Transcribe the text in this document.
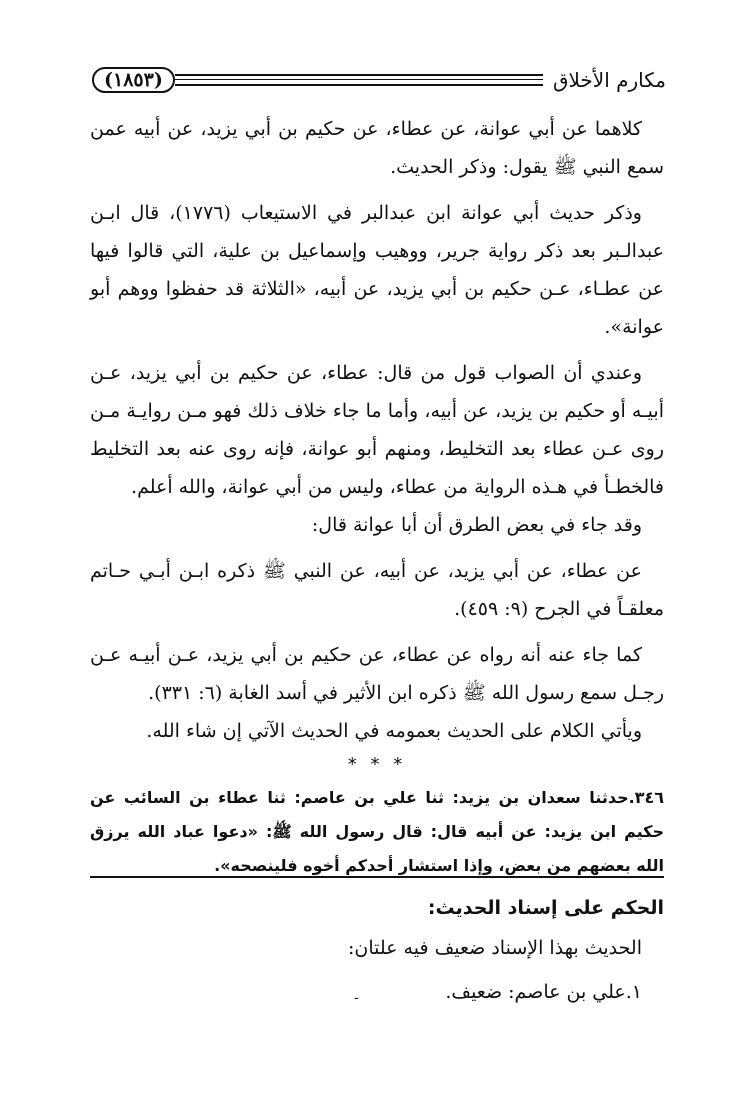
مكارم الأخلاق
(١٨٥٣)

كلاهما عن أبي عوانة، عن عطاء، عن حكيم بن أبي يزيد، عن أبيه عمن سمع النبي ﷺ يقول: وذكر الحديث.

وذكر حديث أبي عوانة ابن عبدالبر في الاستيعاب (١٧٧٦)، قال ابـن عبدالـبر بعد ذكر رواية جرير، ووهيب وإسماعيل بن علية، التي قالوا فيها عن عطـاء، عـن حكيم بن أبي يزيد، عن أبيه، «الثلاثة قد حفظوا ووهم أبو عوانة».

وعندي أن الصواب قول من قال: عطاء، عن حكيم بن أبي يزيد، عـن أبيـه أو حكيم بن يزيد، عن أبيه، وأما ما جاء خلاف ذلك فهو مـن روايـة مـن روى عـن عطاء بعد التخليط، ومنهم أبو عوانة، فإنه روى عنه بعد التخليط فالخطـأ في هـذه الرواية من عطاء، وليس من أبي عوانة، والله أعلم.

وقد جاء في بعض الطرق أن أبا عوانة قال:

عن عطاء، عن أبي يزيد، عن أبيه، عن النبي ﷺ ذكره ابـن أبـي حـاتم معلقـاً في الجرح (٩: ٤٥٩).

كما جاء عنه أنه رواه عن عطاء، عن حكيم بن أبي يزيد، عـن أبيـه عـن رجـل سمع رسول الله ﷺ ذكره ابن الأثير في أسد الغابة (٦: ٣٣١).

ويأتي الكلام على الحديث بعمومه في الحديث الآتي إن شاء الله.

* * *
٣٤٦.حدثنا سعدان بن يزيد: ثنا علي بن عاصم: ثنا عطاء بن السائب عن حكيم ابن يزيد: عن أبيه قال: قال رسول الله ﷺ: «دعوا عباد الله يرزق الله بعضهم من بعض، وإذا استشار أحدكم أخوه فلينصحه».
الحكم على إسناد الحديث:

الحديث بهذا الإسناد ضعيف فيه علتان:

١.علي بن عاصم: ضعيف.

-
